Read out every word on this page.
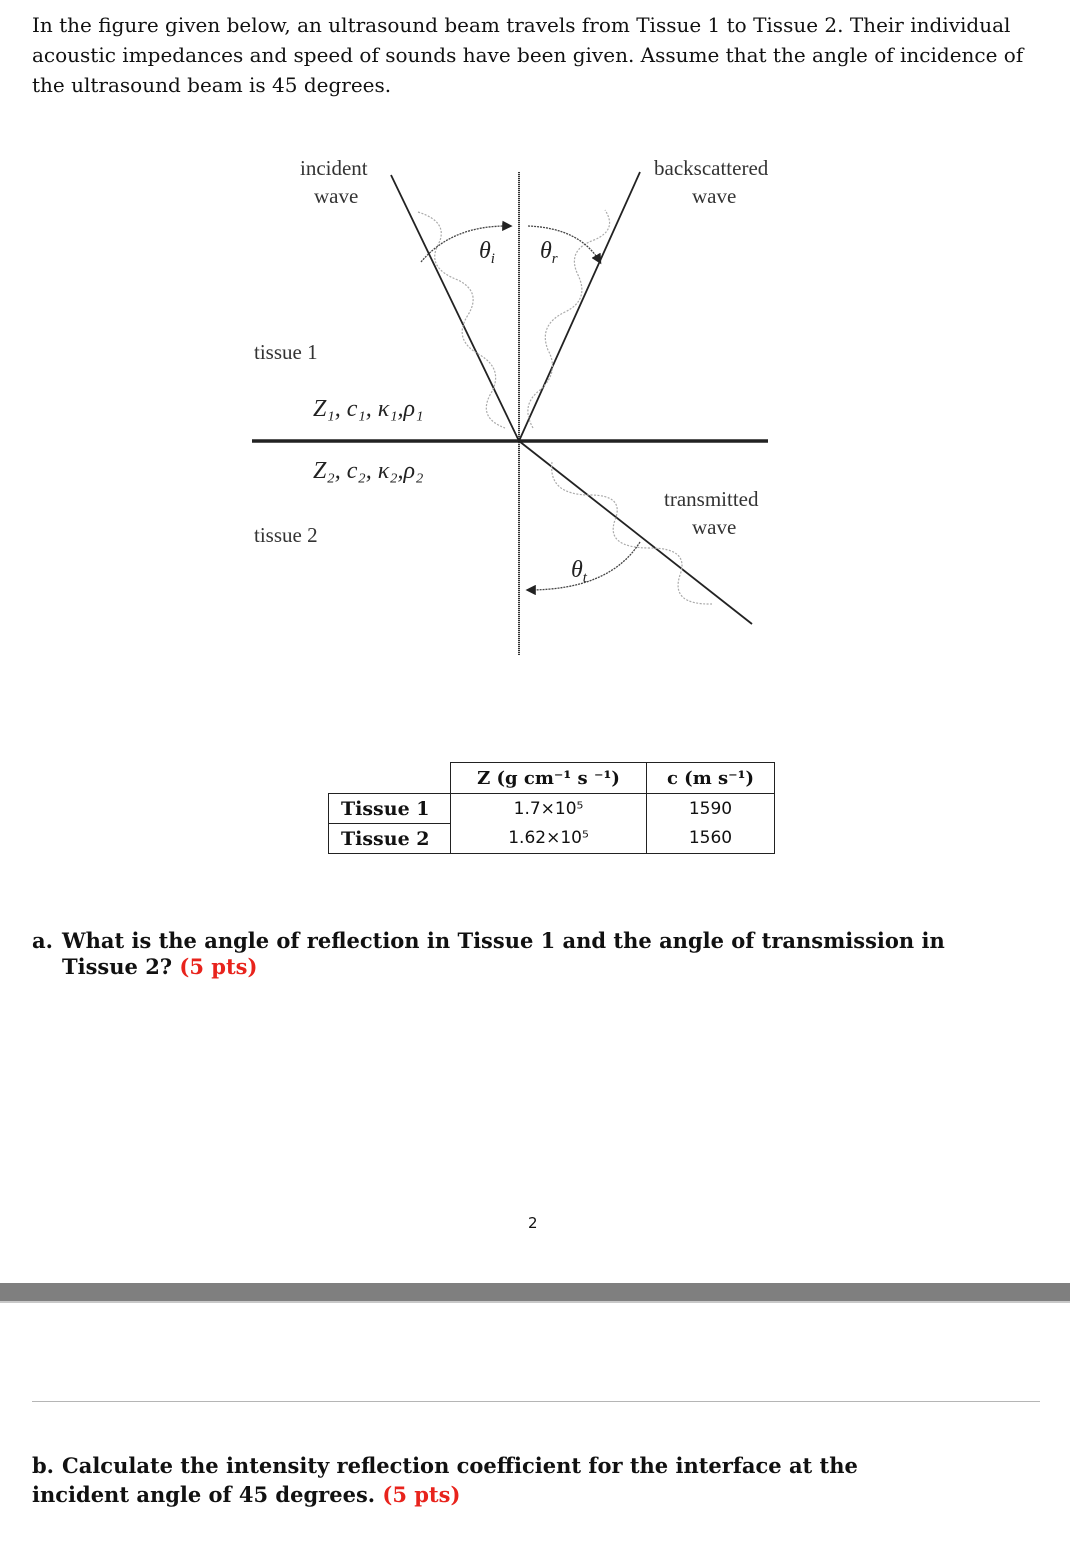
In the figure given below, an ultrasound beam travels from Tissue 1 to Tissue 2. Their individual acoustic impedances and speed of sounds have been given. Assume that the angle of incidence of the ultrasound beam is 45 degrees.

incident
wave
backscattered
wave
transmitted
wave
tissue 1
tissue 2
$\theta_i$ $\theta_r$
$\theta_t$
Z₁, c₁, κ₁,ρ₁
Z₂, c₂, κ₂,ρ₂
	Z (g cm⁻¹ s ⁻¹)	c (m s⁻¹)
Tissue 1	1.7×10⁵	1590
Tissue 2	1.62×10⁵	1560
a. What is the angle of reflection in Tissue 1 and the angle of transmission in
Tissue 2? (5 pts)
2
b. Calculate the intensity reflection coefficient for the interface at the
incident angle of 45 degrees. (5 pts)
